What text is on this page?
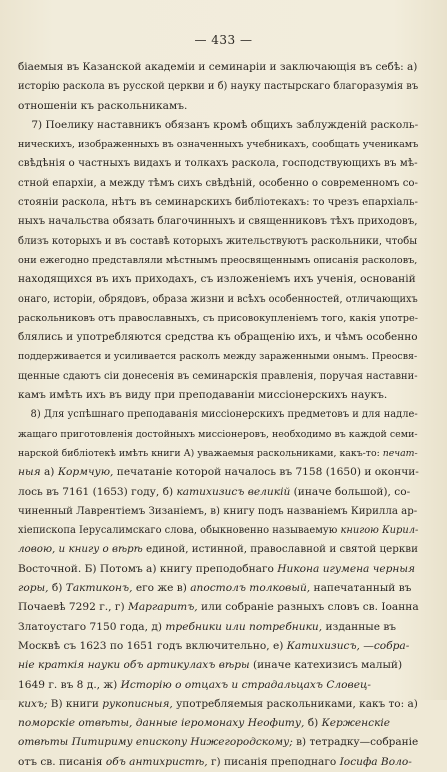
— 433 —
біаемыя въ Казанской академіи и семинаріи и заключающія въ себѣ: а)
исторію раскола въ русской церкви и б) науку пастырскаго благоразумія въ
отношеніи къ раскольникамъ.
7) Поелику наставникъ обязанъ кромѣ общихъ заблужденій расколь-
ническихъ, изображенныхъ въ означенныхъ учебникахъ, сообщать ученикамъ
свѣдѣнія о частныхъ видахъ и толкахъ раскола, господствующихъ въ мѣ-
стной епархіи, а между тѣмъ сихъ свѣдѣній, особенно о современномъ со-
стояніи раскола, нѣтъ въ семинарскихъ библіотекахъ: то чрезъ епархіаль-
ныхъ начальства обязать благочинныхъ и священниковъ тѣхъ приходовъ,
близъ которыхъ и въ составѣ которыхъ жительствуютъ раскольники, чтобы
они ежегодно представляли мѣстнымъ преосвященнымъ описанія расколовъ,
находящихся въ ихъ приходахъ, съ изложеніемъ ихъ ученія, основаній
онаго, исторіи, обрядовъ, образа жизни и всѣхъ особенностей, отличающихъ
раскольниковъ отъ православныхъ, съ присовокупленіемъ того, какія употре-
блялись и употребляются средства къ обращенію ихъ, и чѣмъ особенно
поддерживается и усиливается расколъ между зараженными онымъ. Преосвя-
щенные сдаютъ сіи донесенія въ семинарскія правленія, поручая наставни-
камъ имѣть ихъ въ виду при преподаваніи миссіонерскихъ наукъ.
8) Для успѣшнаго преподаванія миссіонерскихъ предметовъ и для надле-
жащаго приготовленія достойныхъ миссіонеровъ, необходимо въ каждой семи-
нарской библіотекѣ имѣть книги А) уважаемыя раскольниками, какъ-то: печат-
ныя а) Кормчую, печатаніе которой началось въ 7158 (1650) и окончи-
лось въ 7161 (1653) году, б) катихизисъ великій (иначе большой), со-
чиненный Лаврентіемъ Зизаніемъ, в) книгу подъ названіемъ Кирилла ар-
хіепископа Іерусалимскаго слова, обыкновенно называемую книгою Кирил-
ловою, и книгу о вѣрѣ единой, истинной, православной и святой церкви
Восточной. Б) Потомъ а) книгу преподобнаго Никона игумена черныя
горы, б) Тактиконъ, его же в) апостолъ толковый, напечатанный въ
Почаевѣ 7292 г., г) Маргаритъ, или собраніе разныхъ словъ св. Іоанна
Златоустаго 7150 года, д) требники или потребники, изданные въ
Москвѣ съ 1623 по 1651 годъ включительно, е) Катихизисъ, —собра-
ніе краткія науки объ артикулахъ вѣры (иначе катехизисъ малый)
1649 г. въ 8 д., ж) Исторію о отцахъ и страдальцахъ Словец-
кихъ; В) книги рукописныя, употребляемыя раскольниками, какъ то: а)
поморскіе отвѣты, данные іеромонаху Неофиту, б) Керженскіе
отвѣты Питириму епископу Нижегородскому; в) тетрадку—собраніе
отъ св. писанія объ антихристѣ, г) писанія преподнаго Іосифа Воло-
